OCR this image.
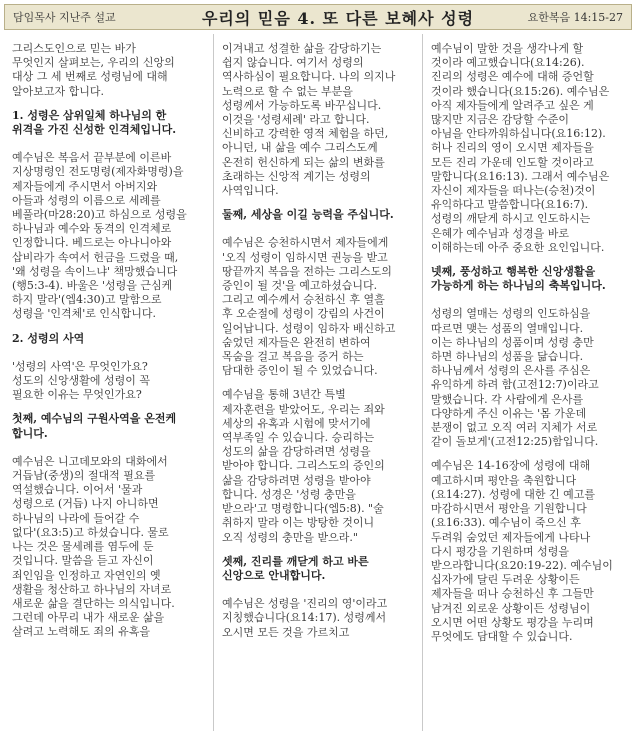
담임목사 지난주 설교	우리의 믿음 4. 또 다른 보혜사 성령	요한복음 14:15-27

그리스도인으로 믿는 바가
무엇인지 살펴보는, 우리의 신앙의
대상 그 세 번째로 성령님에 대해
알아보고자 합니다.

1. 성령은 삼위일체 하나님의 한
위격을 가진 신성한 인격체입니다.

예수님은 복음서 끝부분에 이른바
지상명령인 전도명령(제자화명령)을
제자들에게 주시면서 아버지와
아들과 성령의 이름으로 세례를
베풀라(마28:20)고 하심으로 성령을
하나님과 예수와 동격의 인격체로
인정합니다. 베드로는 아나니아와
삽비라가 속여서 헌금을 드렸을 때,
'왜 성령을 속이느냐' 책망했습니다
(행5:3-4). 바울은 '성령을 근심케
하지 말라'(엡4:30)고 말함으로
성령을 '인격체'로 인식합니다.

2. 성령의 사역

'성령의 사역'은 무엇인가요?
성도의 신앙생활에 성령이 꼭
필요한 이유는 무엇인가요?

첫째, 예수님의 구원사역을 온전케
합니다.

예수님은 니고데모와의 대화에서
거듭남(중생)의 절대적 필요를
역설했습니다. 이어서 '물과
성령으로 (거듭) 나지 아니하면
하나님의 나라에 들어갈 수
없다'(요3:5)고 하셨습니다. 물로
나는 것은 물세례를 염두에 둔
것입니다. 말씀을 듣고 자신이
죄인임을 인정하고 자연인의 옛
생활을 청산하고 하나님의 자녀로
새로운 삶을 결단하는 의식입니다.
그런데 아무리 내가 새로운 삶을
살려고 노력해도 죄의 유혹을

이겨내고 성결한 삶을 감당하기는
쉽지 않습니다. 여기서 성령의
역사하심이 필요합니다. 나의 의지나
노력으로 할 수 없는 부분을
성령께서 가능하도록 바꾸십니다.
이것을 '성령세례' 라고 합니다.
신비하고 강력한 영적 체험을 하던,
아니던, 내 삶을 예수 그리스도께
온전히 헌신하게 되는 삶의 변화를
초래하는 신앙적 계기는 성령의
사역입니다.

둘째, 세상을 이길 능력을 주십니다.

예수님은 승천하시면서 제자들에게
'오직 성령이 임하시면 권능을 받고
땅끝까지 복음을 전하는 그리스도의
증인이 될 것'을 예고하셨습니다.
그리고 예수께서 승천하신 후 열흘
후 오순절에 성령이 강림의 사건이
일어납니다. 성령이 임하자 배신하고
숨었던 제자들은 완전히 변하여
목숨을 걸고 복음을 증거 하는
담대한 증인이 될 수 있었습니다.

예수님을 통해 3년간 특별
제자훈련을 받았어도, 우리는 죄와
세상의 유혹과 시험에 맞서기에
역부족일 수 있습니다. 승리하는
성도의 삶을 감당하려면 성령을
받아야 합니다. 그리스도의 증인의
삶을 감당하려면 성령을 받아야
합니다. 성경은 '성령 충만을
받으라'고 명령합니다(엡5:8). "술
취하지 말라 이는 방탕한 것이니
오직 성령의 충만을 받으라."

셋째, 진리를 깨닫게 하고 바른
신앙으로 안내합니다.

예수님은 성령을 '진리의 영'이라고
지칭했습니다(요14:17). 성령께서
오시면 모든 것을 가르치고

예수님이 말한 것을 생각나게 할
것이라 예고했습니다(요14:26).
진리의 성령은 예수에 대해 증언할
것이라 했습니다(요15:26). 예수님은
아직 제자들에게 알려주고 싶은 게
많지만 지금은 감당할 수준이
아님을 안타까워하십니다(요16:12).
허나 진리의 영이 오시면 제자들을
모든 진리 가운데 인도할 것이라고
말합니다(요16:13). 그래서 예수님은
자신이 제자들을 떠나는(승천)것이
유익하다고 말씀합니다(요16:7).
성령의 깨닫게 하시고 인도하시는
은혜가 예수님과 성경을 바로
이해하는데 아주 중요한 요인입니다.

넷째, 풍성하고 행복한 신앙생활을
가능하게 하는 하나님의 축복입니다.

성령의 열매는 성령의 인도하심을
따르면 맺는 성품의 열매입니다.
이는 하나님의 성품이며 성령 충만
하면 하나님의 성품을 닮습니다.
하나님께서 성령의 은사를 주심은
유익하게 하려 함(고전12:7)이라고
말했습니다. 각 사람에게 은사를
다양하게 주신 이유는 '몸 가운데
분쟁이 없고 오직 여러 지체가 서로
같이 돌보게'(고전12:25)함입니다.

예수님은 14-16장에 성령에 대해
예고하시며 평안을 축원합니다
(요14:27). 성령에 대한 긴 예고를
마감하시면서 평안을 기원합니다
(요16:33). 예수님이 죽으신 후
두려워 숨었던 제자들에게 나타나
다시 평강을 기원하며 성령을
받으라합니다(요20:19-22). 예수님이
십자가에 달린 두려운 상황이든
제자들을 떠나 승천하신 후 그들만
남겨진 외로운 상황이든 성령님이
오시면 어떤 상황도 평강을 누리며
무엇에도 담대할 수 있습니다.
